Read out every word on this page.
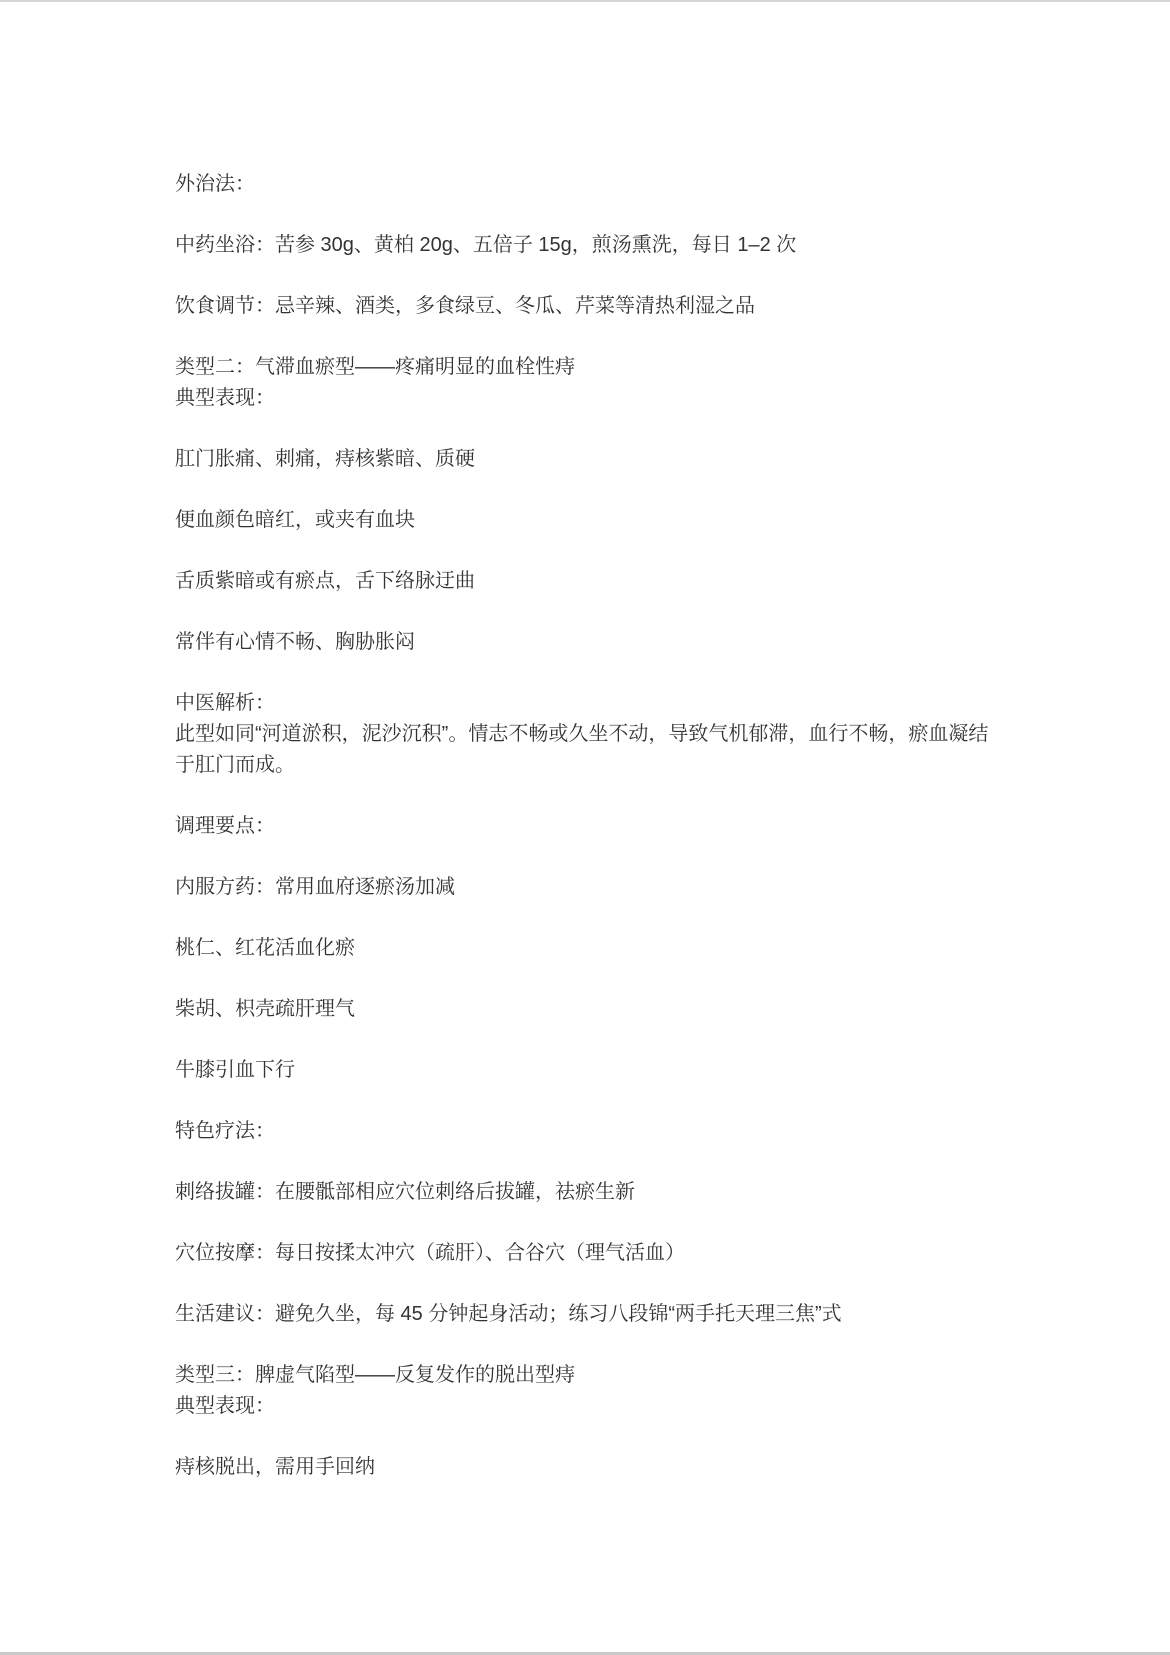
外治法：

中药坐浴：苦参 30g、黄柏 20g、五倍子 15g，煎汤熏洗，每日 1–2 次

饮食调节：忌辛辣、酒类，多食绿豆、冬瓜、芹菜等清热利湿之品

类型二：气滞血瘀型——疼痛明显的血栓性痔
典型表现：

肛门胀痛、刺痛，痔核紫暗、质硬

便血颜色暗红，或夹有血块

舌质紫暗或有瘀点，舌下络脉迂曲

常伴有心情不畅、胸胁胀闷

中医解析：
此型如同“河道淤积，泥沙沉积”。情志不畅或久坐不动，导致气机郁滞，血行不畅，瘀血凝结于肛门而成。

调理要点：

内服方药：常用血府逐瘀汤加减

桃仁、红花活血化瘀

柴胡、枳壳疏肝理气

牛膝引血下行

特色疗法：

刺络拔罐：在腰骶部相应穴位刺络后拔罐，祛瘀生新

穴位按摩：每日按揉太冲穴（疏肝）、合谷穴（理气活血）

生活建议：避免久坐，每 45 分钟起身活动；练习八段锦“两手托天理三焦”式

类型三：脾虚气陷型——反复发作的脱出型痔
典型表现：

痔核脱出，需用手回纳
